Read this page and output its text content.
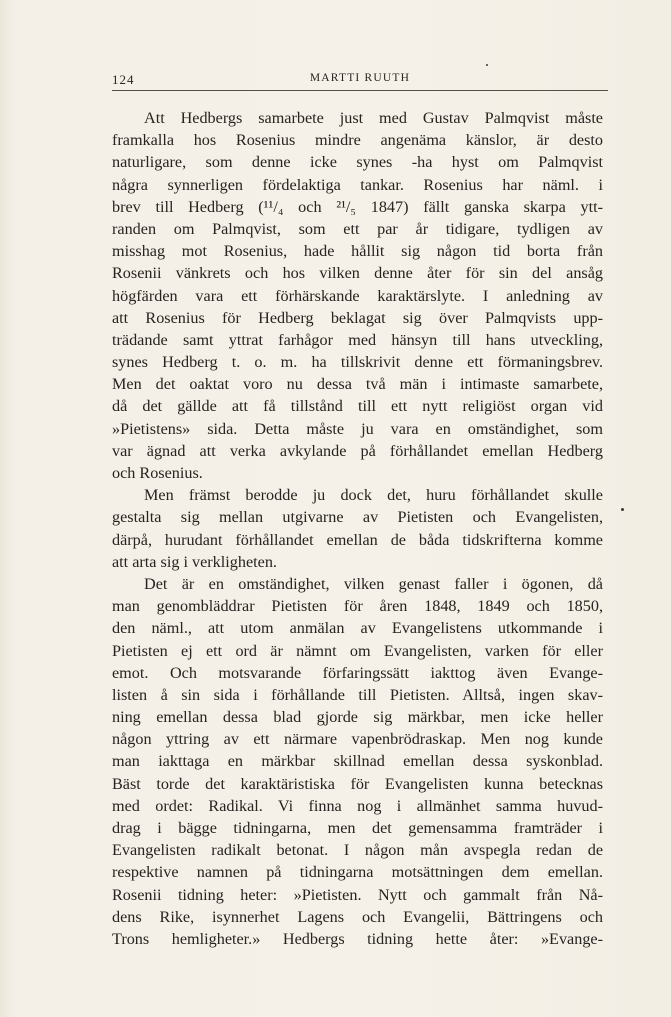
124	MARTTI RUUTH
Att Hedbergs samarbete just med Gustav Palmqvist måste
framkalla hos Rosenius mindre angenäma känslor, är desto
naturligare, som denne icke synes -ha hyst om Palmqvist
några synnerligen fördelaktiga tankar. Rosenius har näml. i
brev till Hedberg (¹¹/₄ och ²¹/₅ 1847) fällt ganska skarpa ytt-
randen om Palmqvist, som ett par år tidigare, tydligen av
misshag mot Rosenius, hade hållit sig någon tid borta från
Rosenii vänkrets och hos vilken denne åter för sin del ansåg
högfärden vara ett förhärskande karaktärslyte. I anledning av
att Rosenius för Hedberg beklagat sig över Palmqvists upp-
trädande samt yttrat farhågor med hänsyn till hans utveckling,
synes Hedberg t. o. m. ha tillskrivit denne ett förmaningsbrev.
Men det oaktat voro nu dessa två män i intimaste samarbete,
då det gällde att få tillstånd till ett nytt religiöst organ vid
»Pietistens» sida. Detta måste ju vara en omständighet, som
var ägnad att verka avkylande på förhållandet emellan Hedberg
och Rosenius.
Men främst berodde ju dock det, huru förhållandet skulle
gestalta sig mellan utgivarne av Pietisten och Evangelisten,
därpå, hurudant förhållandet emellan de båda tidskrifterna komme
att arta sig i verkligheten.
Det är en omständighet, vilken genast faller i ögonen, då
man genombläddrar Pietisten för åren 1848, 1849 och 1850,
den näml., att utom anmälan av Evangelistens utkommande i
Pietisten ej ett ord är nämnt om Evangelisten, varken för eller
emot. Och motsvarande förfaringssätt iakttog även Evange-
listen å sin sida i förhållande till Pietisten. Alltså, ingen skav-
ning emellan dessa blad gjorde sig märkbar, men icke heller
någon yttring av ett närmare vapenbrödraskap. Men nog kunde
man iakttaga en märkbar skillnad emellan dessa syskonblad.
Bäst torde det karaktäristiska för Evangelisten kunna betecknas
med ordet: Radikal. Vi finna nog i allmänhet samma huvud-
drag i bägge tidningarna, men det gemensamma framträder i
Evangelisten radikalt betonat. I någon mån avspegla redan de
respektive namnen på tidningarna motsättningen dem emellan.
Rosenii tidning heter: »Pietisten. Nytt och gammalt från Nå-
dens Rike, isynnerhet Lagens och Evangelii, Bättringens och
Trons hemligheter.» Hedbergs tidning hette åter: »Evange-
